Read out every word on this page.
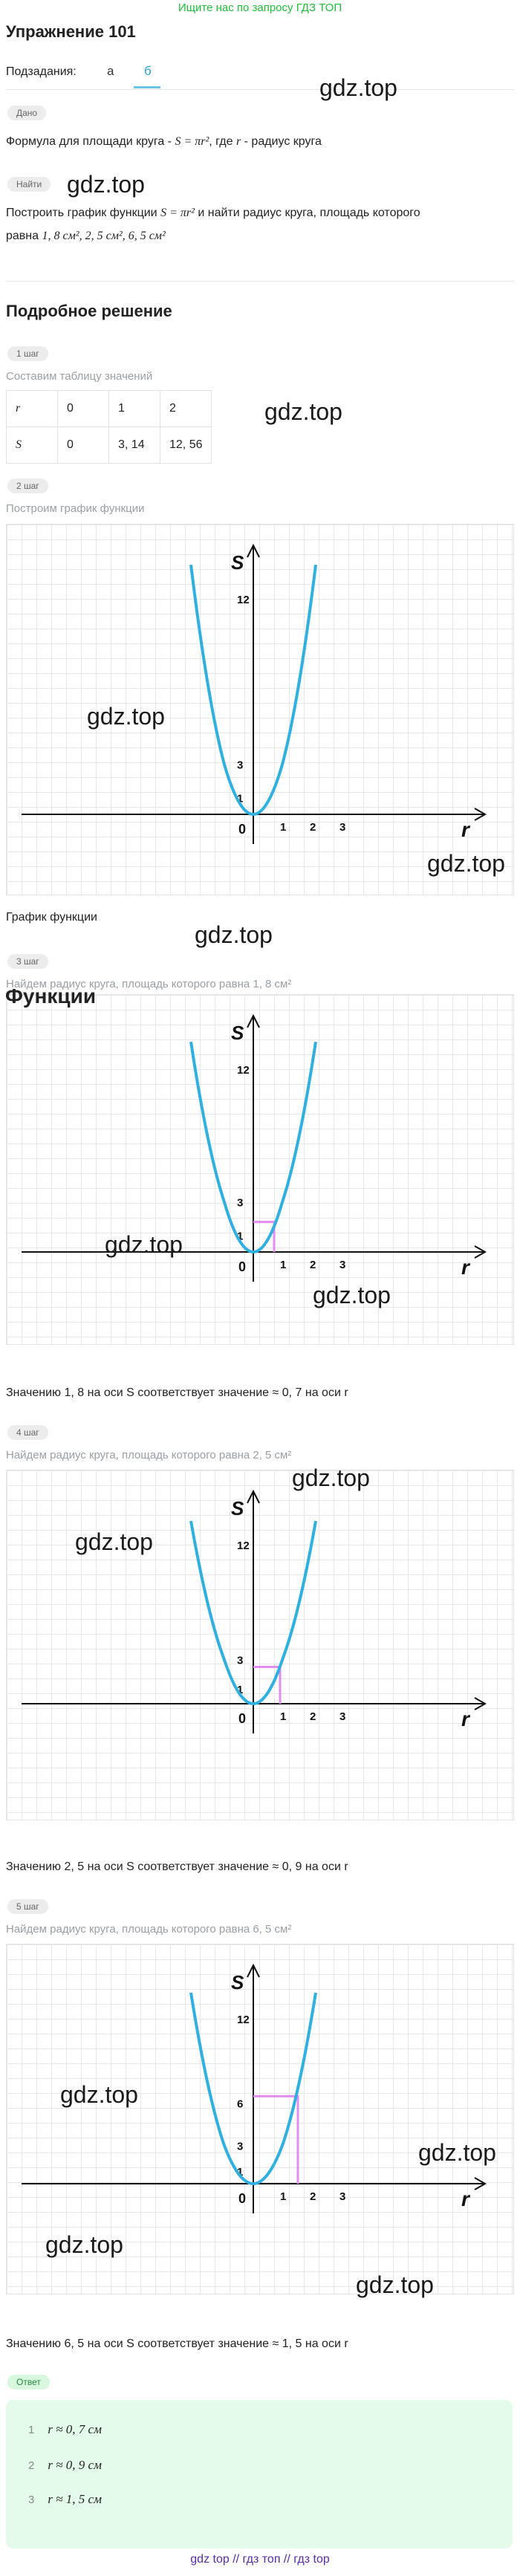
Ищите нас по запросу ГДЗ ТОП
Упражнение 101
Подзадания:	а	б
gdz.top
Дано
Формула для площади круга - S = πr², где r - радиус круга
Найти	gdz.top
Построить график функции S = πr² и найти радиус круга, площадь которого
равна 1, 8 см², 2, 5 см², 6, 5 см²
Подробное решение
1 шаг
Составим таблицу значений
r	0	1	2
S	0	3, 14	12, 56
gdz.top
2 шаг
Построим график функции
S
r
0
12
3
1
1 2 3
gdz.top
gdz.top
График функции
gdz.top
3 шаг
Найдем радиус круга, площадь которого равна 1, 8 см²
S
r
0
12
3
1
1 2 3
Функции
gdz.top
gdz.top
Значению 1, 8 на оси S соответствует значение ≈ 0, 7 на оси r
4 шаг
Найдем радиус круга, площадь которого равна 2, 5 см²
S
r
0
12
3
1
1 2 3
gdz.top
gdz.top
Значению 2, 5 на оси S соответствует значение ≈ 0, 9 на оси r
5 шаг
Найдем радиус круга, площадь которого равна 6, 5 см²
S
r
0
12
6
3
1
1 2 3
gdz.top
gdz.top
gdz.top
gdz.top
Значению 6, 5 на оси S соответствует значение ≈ 1, 5 на оси r
Ответ
1 r ≈ 0, 7 см
2 r ≈ 0, 9 см
3 r ≈ 1, 5 см
gdz top // гдз топ // гдз top
